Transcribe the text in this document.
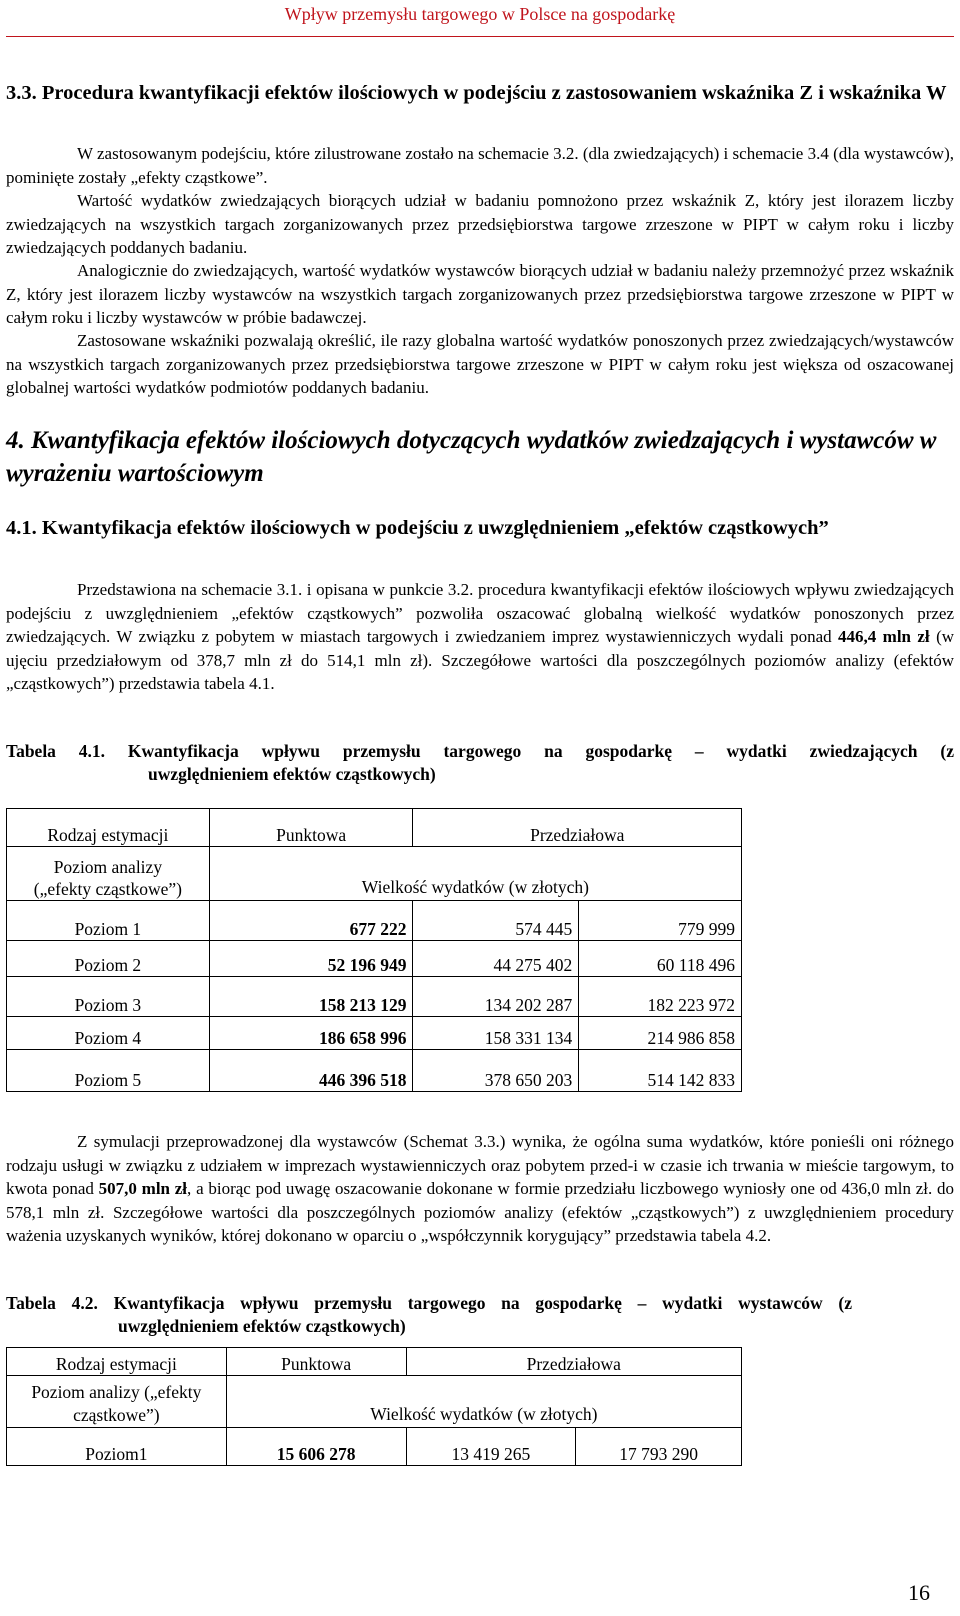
Wpływ przemysłu targowego w Polsce na gospodarkę
3.3. Procedura kwantyfikacji efektów ilościowych w podejściu z zastosowaniem wskaźnika Z i wskaźnika W

W zastosowanym podejściu, które zilustrowane zostało na schemacie 3.2. (dla zwiedzających) i schemacie 3.4 (dla wystawców), pominięte zostały „efekty cząstkowe”.

Wartość wydatków zwiedzających biorących udział w badaniu pomnożono przez wskaźnik Z, który jest ilorazem liczby zwiedzających na wszystkich targach zorganizowanych przez przedsiębiorstwa targowe zrzeszone w PIPT w całym roku i liczby zwiedzających poddanych badaniu.

Analogicznie do zwiedzających, wartość wydatków wystawców biorących udział w badaniu należy przemnożyć przez wskaźnik Z, który jest ilorazem liczby wystawców na wszystkich targach zorganizowanych przez przedsiębiorstwa targowe zrzeszone w PIPT w całym roku i liczby wystawców w próbie badawczej.

Zastosowane wskaźniki pozwalają określić, ile razy globalna wartość wydatków ponoszonych przez zwiedzających/wystawców na wszystkich targach zorganizowanych przez przedsiębiorstwa targowe zrzeszone w PIPT w całym roku jest większa od oszacowanej globalnej wartości wydatków podmiotów poddanych badaniu.

4. Kwantyfikacja efektów ilościowych dotyczących wydatków zwiedzających i wystawców w wyrażeniu wartościowym
4.1. Kwantyfikacja efektów ilościowych w podejściu z uwzględnieniem „efektów cząstkowych”

Przedstawiona na schemacie 3.1. i opisana w punkcie 3.2. procedura kwantyfikacji efektów ilościowych wpływu zwiedzających podejściu z uwzględnieniem „efektów cząstkowych” pozwoliła oszacować globalną wielkość wydatków ponoszonych przez zwiedzających. W związku z pobytem w miastach targowych i zwiedzaniem imprez wystawienniczych wydali ponad 446,4 mln zł (w ujęciu przedziałowym od 378,7 mln zł do 514,1 mln zł). Szczegółowe wartości dla poszczególnych poziomów analizy (efektów „cząstkowych”) przedstawia tabela 4.1.

Tabela 4.1. Kwantyfikacja wpływu przemysłu targowego na gospodarkę – wydatki zwiedzających (z
uwzględnieniem efektów cząstkowych)
Rodzaj estymacji	Punktowa	Przedziałowa	
Poziom analizy
(„efekty cząstkowe”)	Wielkość wydatków (w złotych)		
Poziom 1	677 222	574 445	779 999
Poziom 2	52 196 949	44 275 402	60 118 496
Poziom 3	158 213 129	134 202 287	182 223 972
Poziom 4	186 658 996	158 331 134	214 986 858
Poziom 5	446 396 518	378 650 203	514 142 833

Z symulacji przeprowadzonej dla wystawców (Schemat 3.3.) wynika, że ogólna suma wydatków, które ponieśli oni różnego rodzaju usługi w związku z udziałem w imprezach wystawienniczych oraz pobytem przed-i w czasie ich trwania w mieście targowym, to kwota ponad 507,0 mln zł, a biorąc pod uwagę oszacowanie dokonane w formie przedziału liczbowego wyniosły one od 436,0 mln zł. do 578,1 mln zł. Szczegółowe wartości dla poszczególnych poziomów analizy (efektów „cząstkowych”) z uwzględnieniem procedury ważenia uzyskanych wyników, której dokonano w oparciu o „współczynnik korygujący” przedstawia tabela 4.2.

Tabela 4.2. Kwantyfikacja wpływu przemysłu targowego na gospodarkę – wydatki wystawców (z
uwzględnieniem efektów cząstkowych)
Rodzaj estymacji	Punktowa	Przedziałowa	
Poziom analizy („efekty
cząstkowe”)	Wielkość wydatków (w złotych)		
Poziom1	15 606 278	13 419 265	17 793 290
16
